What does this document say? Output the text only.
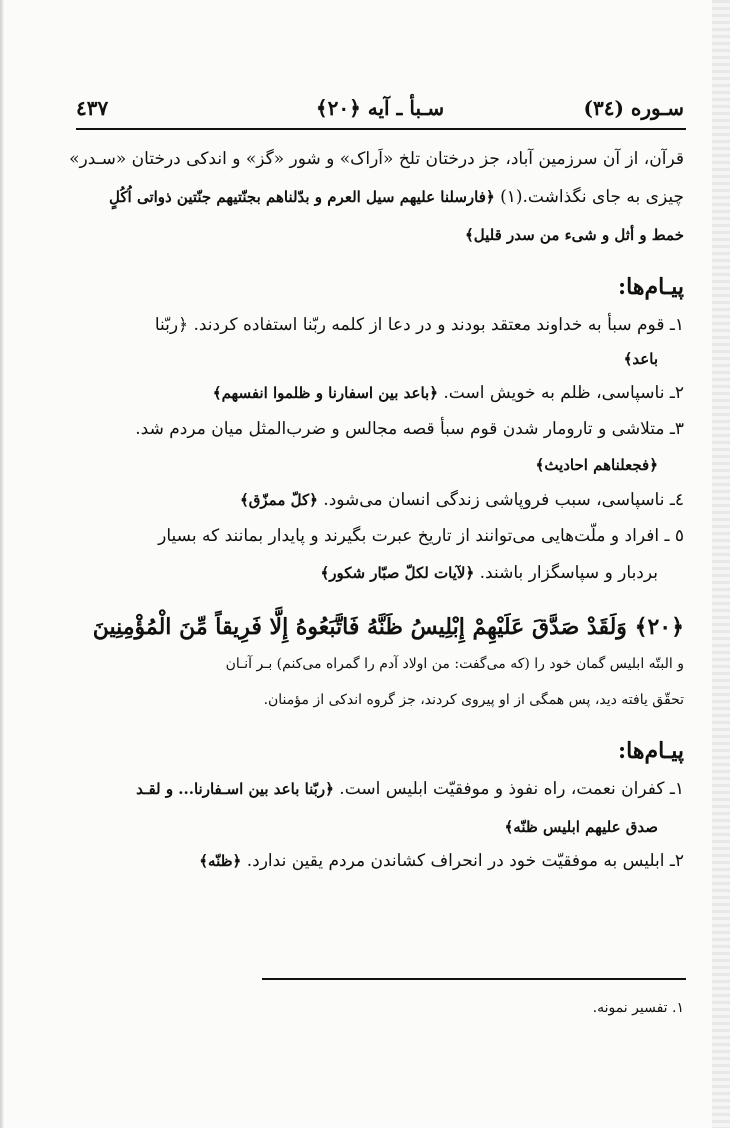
سـوره (٣٤)
سـبأ ـ آیه ﴿٢٠﴾
٤٣٧
قرآن، از آن سرزمین آباد، جز درختان تلخ «اَراک» و شور «گز» و اندکی درختان «سـدر»
چیزی به جای نگذاشت.(١) ﴿فارسلنا علیهم سیل العرم و بدّلناهم بجنّتیهم جنّتین ذواتی اُکُلٍ
خمط و أثل و شیء من سدر قلیل﴾
پیـام‌ها:
١ـ قوم سبأ به خداوند معتقد بودند و در دعا از کلمه ربّنا استفاده کردند. ﴿ربّنا
باعد﴾
٢ـ ناسپاسی، ظلم به خویش است. ﴿باعد بین اسفارنا و ظلموا انفسهم﴾
٣ـ متلاشی و تارومار شدن قوم سبأ قصه مجالس و ضرب‌المثل میان مردم شد.
﴿فجعلناهم احادیث﴾
٤ـ ناسپاسی، سبب فروپاشی زندگی انسان می‌شود. ﴿کلّ ممزّق﴾
٥ ـ افراد و ملّت‌هایی می‌توانند از تاریخ عبرت بگیرند و پایدار بمانند که بسیار
بردبار و سپاسگزار باشند. ﴿لآیات لکلّ صبّار شکور﴾
﴿٢٠﴾ وَلَقَدْ صَدَّقَ عَلَيْهِمْ إِبْلِيسُ ظَنَّهُ فَاتَّبَعُوهُ إِلَّا فَرِيقاً مِّنَ الْمُؤْمِنِينَ
و البتّه ابلیس گمان خود را (که می‌گفت: من اولاد آدم را گمراه می‌کنم) بـر آنـان
تحقّق یافته دید، پس همگی از او پیروی کردند، جز گروه اندکی از مؤمنان.
پیـام‌ها:
١ـ کفران نعمت، راه نفوذ و موفقیّت ابلیس است. ﴿ربّنا باعد بین اسـفارنا... و لقـد
صدق علیهم ابلیس ظنّه﴾
٢ـ ابلیس به موفقیّت خود در انحراف کشاندن مردم یقین ندارد. ﴿ظنّه﴾
١. تفسیر نمونه.
